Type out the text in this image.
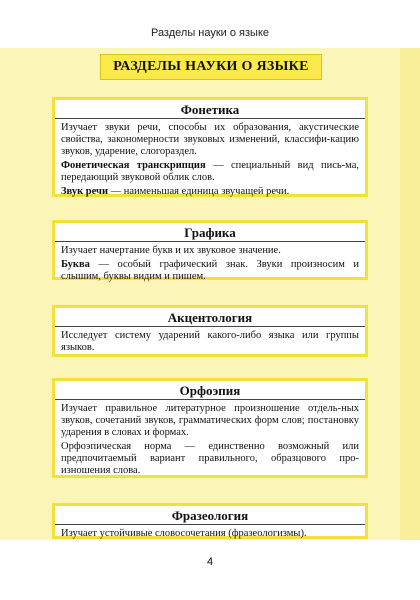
Разделы науки о языке
РАЗДЕЛЫ НАУКИ О ЯЗЫКЕ
Фонетика

Изучает звуки речи, способы их образования, акустические свойства, закономерности звуковых изменений, классифи-кацию звуков, ударение, слогораздел.

Фонетическая транскрипция — специальный вид пись-ма, передающий звуковой облик слов.

Звук речи — наименьшая единица звучащей речи.

Графика

Изучает начертание букв и их звуковое значение.

Буква — особый графический знак. Звуки произносим и слышим, буквы видим и пишем.

Акцентология

Исследует систему ударений какого-либо языка или группы языков.

Орфоэпия

Изучает правильное литературное произношение отдель-ных звуков, сочетаний звуков, грамматических форм слов; постановку ударения в словах и формах.

Орфоэпическая норма — единственно возможный или предпочитаемый вариант правильного, образцового про-изношения слова.

Фразеология

Изучает устойчивые словосочетания (фразеологизмы).

4
